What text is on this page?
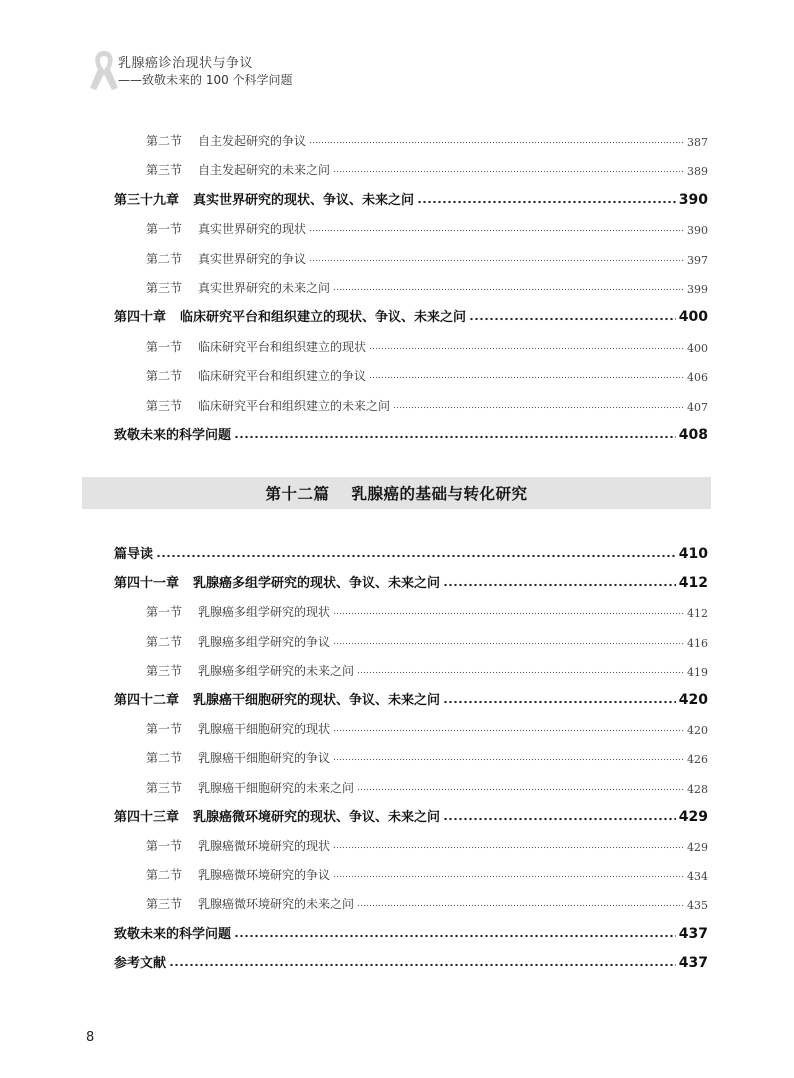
乳腺癌诊治现状与争议
——致敬未来的 100 个科学问题
第二节 自主发起研究的争议	387
第三节 自主发起研究的未来之问	389
第三十九章 真实世界研究的现状、争议、未来之问	390
第一节 真实世界研究的现状	390
第二节 真实世界研究的争议	397
第三节 真实世界研究的未来之问	399
第四十章 临床研究平台和组织建立的现状、争议、未来之问	400
第一节 临床研究平台和组织建立的现状	400
第二节 临床研究平台和组织建立的争议	406
第三节 临床研究平台和组织建立的未来之问	407
致敬未来的科学问题	408
篇导读	410
第四十一章 乳腺癌多组学研究的现状、争议、未来之问	412
第一节 乳腺癌多组学研究的现状	412
第二节 乳腺癌多组学研究的争议	416
第三节 乳腺癌多组学研究的未来之问	419
第四十二章 乳腺癌干细胞研究的现状、争议、未来之问	420
第一节 乳腺癌干细胞研究的现状	420
第二节 乳腺癌干细胞研究的争议	426
第三节 乳腺癌干细胞研究的未来之问	428
第四十三章 乳腺癌微环境研究的现状、争议、未来之问	429
第一节 乳腺癌微环境研究的现状	429
第二节 乳腺癌微环境研究的争议	434
第三节 乳腺癌微环境研究的未来之问	435
致敬未来的科学问题	437
参考文献	437
第十二篇 乳腺癌的基础与转化研究
8
